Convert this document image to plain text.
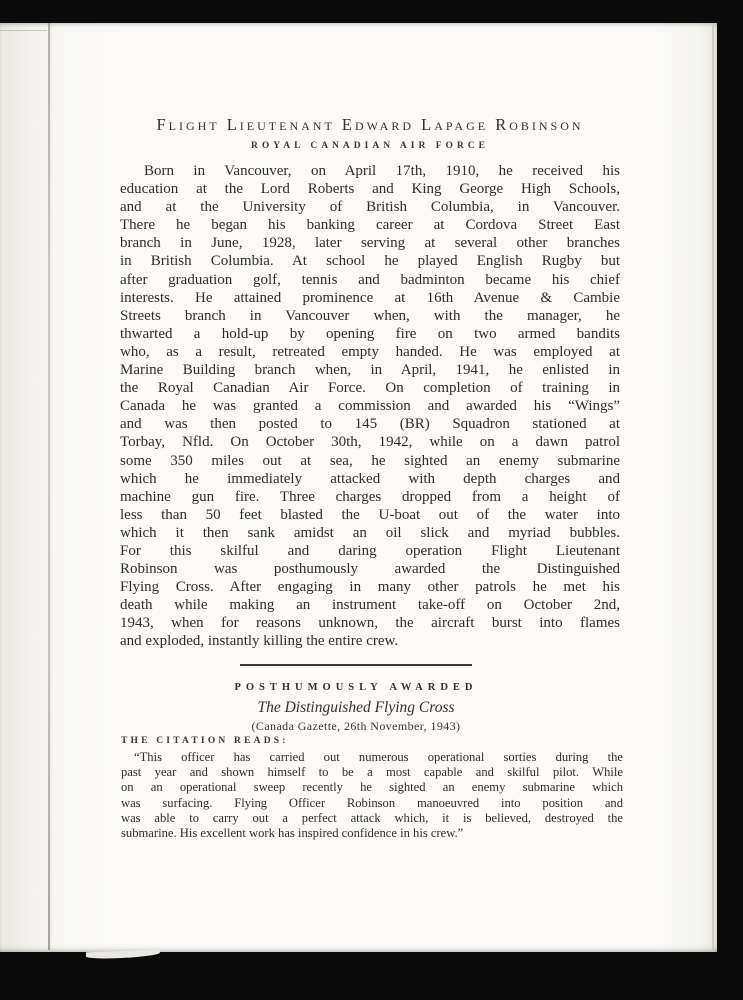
Flight Lieutenant Edward Lapage Robinson
ROYAL CANADIAN AIR FORCE
Born in Vancouver, on April 17th, 1910, he received his
education at the Lord Roberts and King George High Schools,
and at the University of British Columbia, in Vancouver.
There he began his banking career at Cordova Street East
branch in June, 1928, later serving at several other branches
in British Columbia. At school he played English Rugby but
after graduation golf, tennis and badminton became his chief
interests. He attained prominence at 16th Avenue & Cambie
Streets branch in Vancouver when, with the manager, he
thwarted a hold-up by opening fire on two armed bandits
who, as a result, retreated empty handed. He was employed at
Marine Building branch when, in April, 1941, he enlisted in
the Royal Canadian Air Force. On completion of training in
Canada he was granted a commission and awarded his “Wings”
and was then posted to 145 (BR) Squadron stationed at
Torbay, Nfld. On October 30th, 1942, while on a dawn patrol
some 350 miles out at sea, he sighted an enemy submarine
which he immediately attacked with depth charges and
machine gun fire. Three charges dropped from a height of
less than 50 feet blasted the U-boat out of the water into
which it then sank amidst an oil slick and myriad bubbles.
For this skilful and daring operation Flight Lieutenant
Robinson was posthumously awarded the Distinguished
Flying Cross. After engaging in many other patrols he met his
death while making an instrument take-off on October 2nd,
1943, when for reasons unknown, the aircraft burst into flames
and exploded, instantly killing the entire crew.
POSTHUMOUSLY AWARDED
The Distinguished Flying Cross
(Canada Gazette, 26th November, 1943)
THE CITATION READS:
“This officer has carried out numerous operational sorties during the
past year and shown himself to be a most capable and skilful pilot. While
on an operational sweep recently he sighted an enemy submarine which
was surfacing. Flying Officer Robinson manoeuvred into position and
was able to carry out a perfect attack which, it is believed, destroyed the
submarine. His excellent work has inspired confidence in his crew.”
